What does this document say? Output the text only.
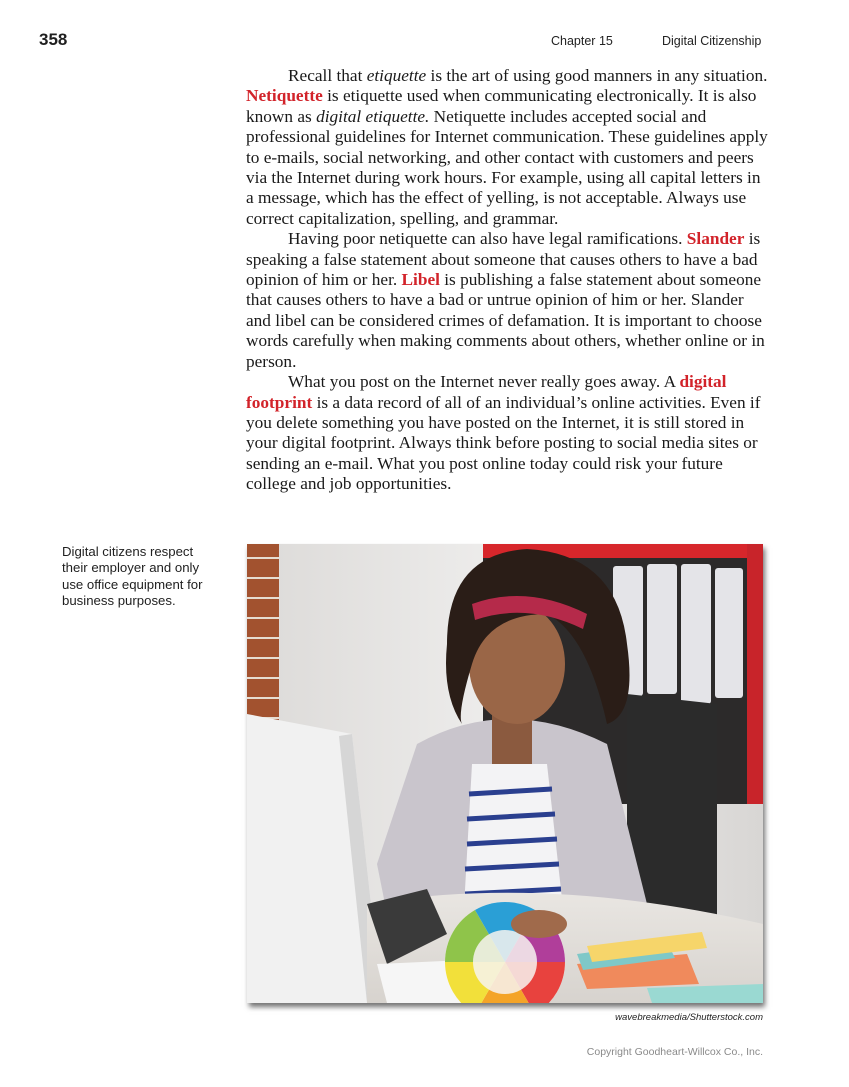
358	Chapter 15	Digital Citizenship

Recall that etiquette is the art of using good manners in any situation. Netiquette is etiquette used when communicating electronically. It is also known as digital etiquette. Netiquette includes accepted social and professional guidelines for Internet communication. These guidelines apply to e-mails, social networking, and other contact with customers and peers via the Internet during work hours. For example, using all capital letters in a message, which has the effect of yelling, is not acceptable. Always use correct capitalization, spelling, and grammar.

Having poor netiquette can also have legal ramifications. Slander is speaking a false statement about someone that causes others to have a bad opinion of him or her. Libel is publishing a false statement about someone that causes others to have a bad or untrue opinion of him or her. Slander and libel can be considered crimes of defamation. It is important to choose words carefully when making comments about others, whether online or in person.

What you post on the Internet never really goes away. A digital footprint is a data record of all of an individual’s online activities. Even if you delete something you have posted on the Internet, it is still stored in your digital footprint. Always think before posting to social media sites or sending an e-mail. What you post online today could risk your future college and job opportunities.

Digital citizens respect their employer and only use office equipment for business purposes.
wavebreakmedia/Shutterstock.com
Copyright Goodheart-Willcox Co., Inc.
